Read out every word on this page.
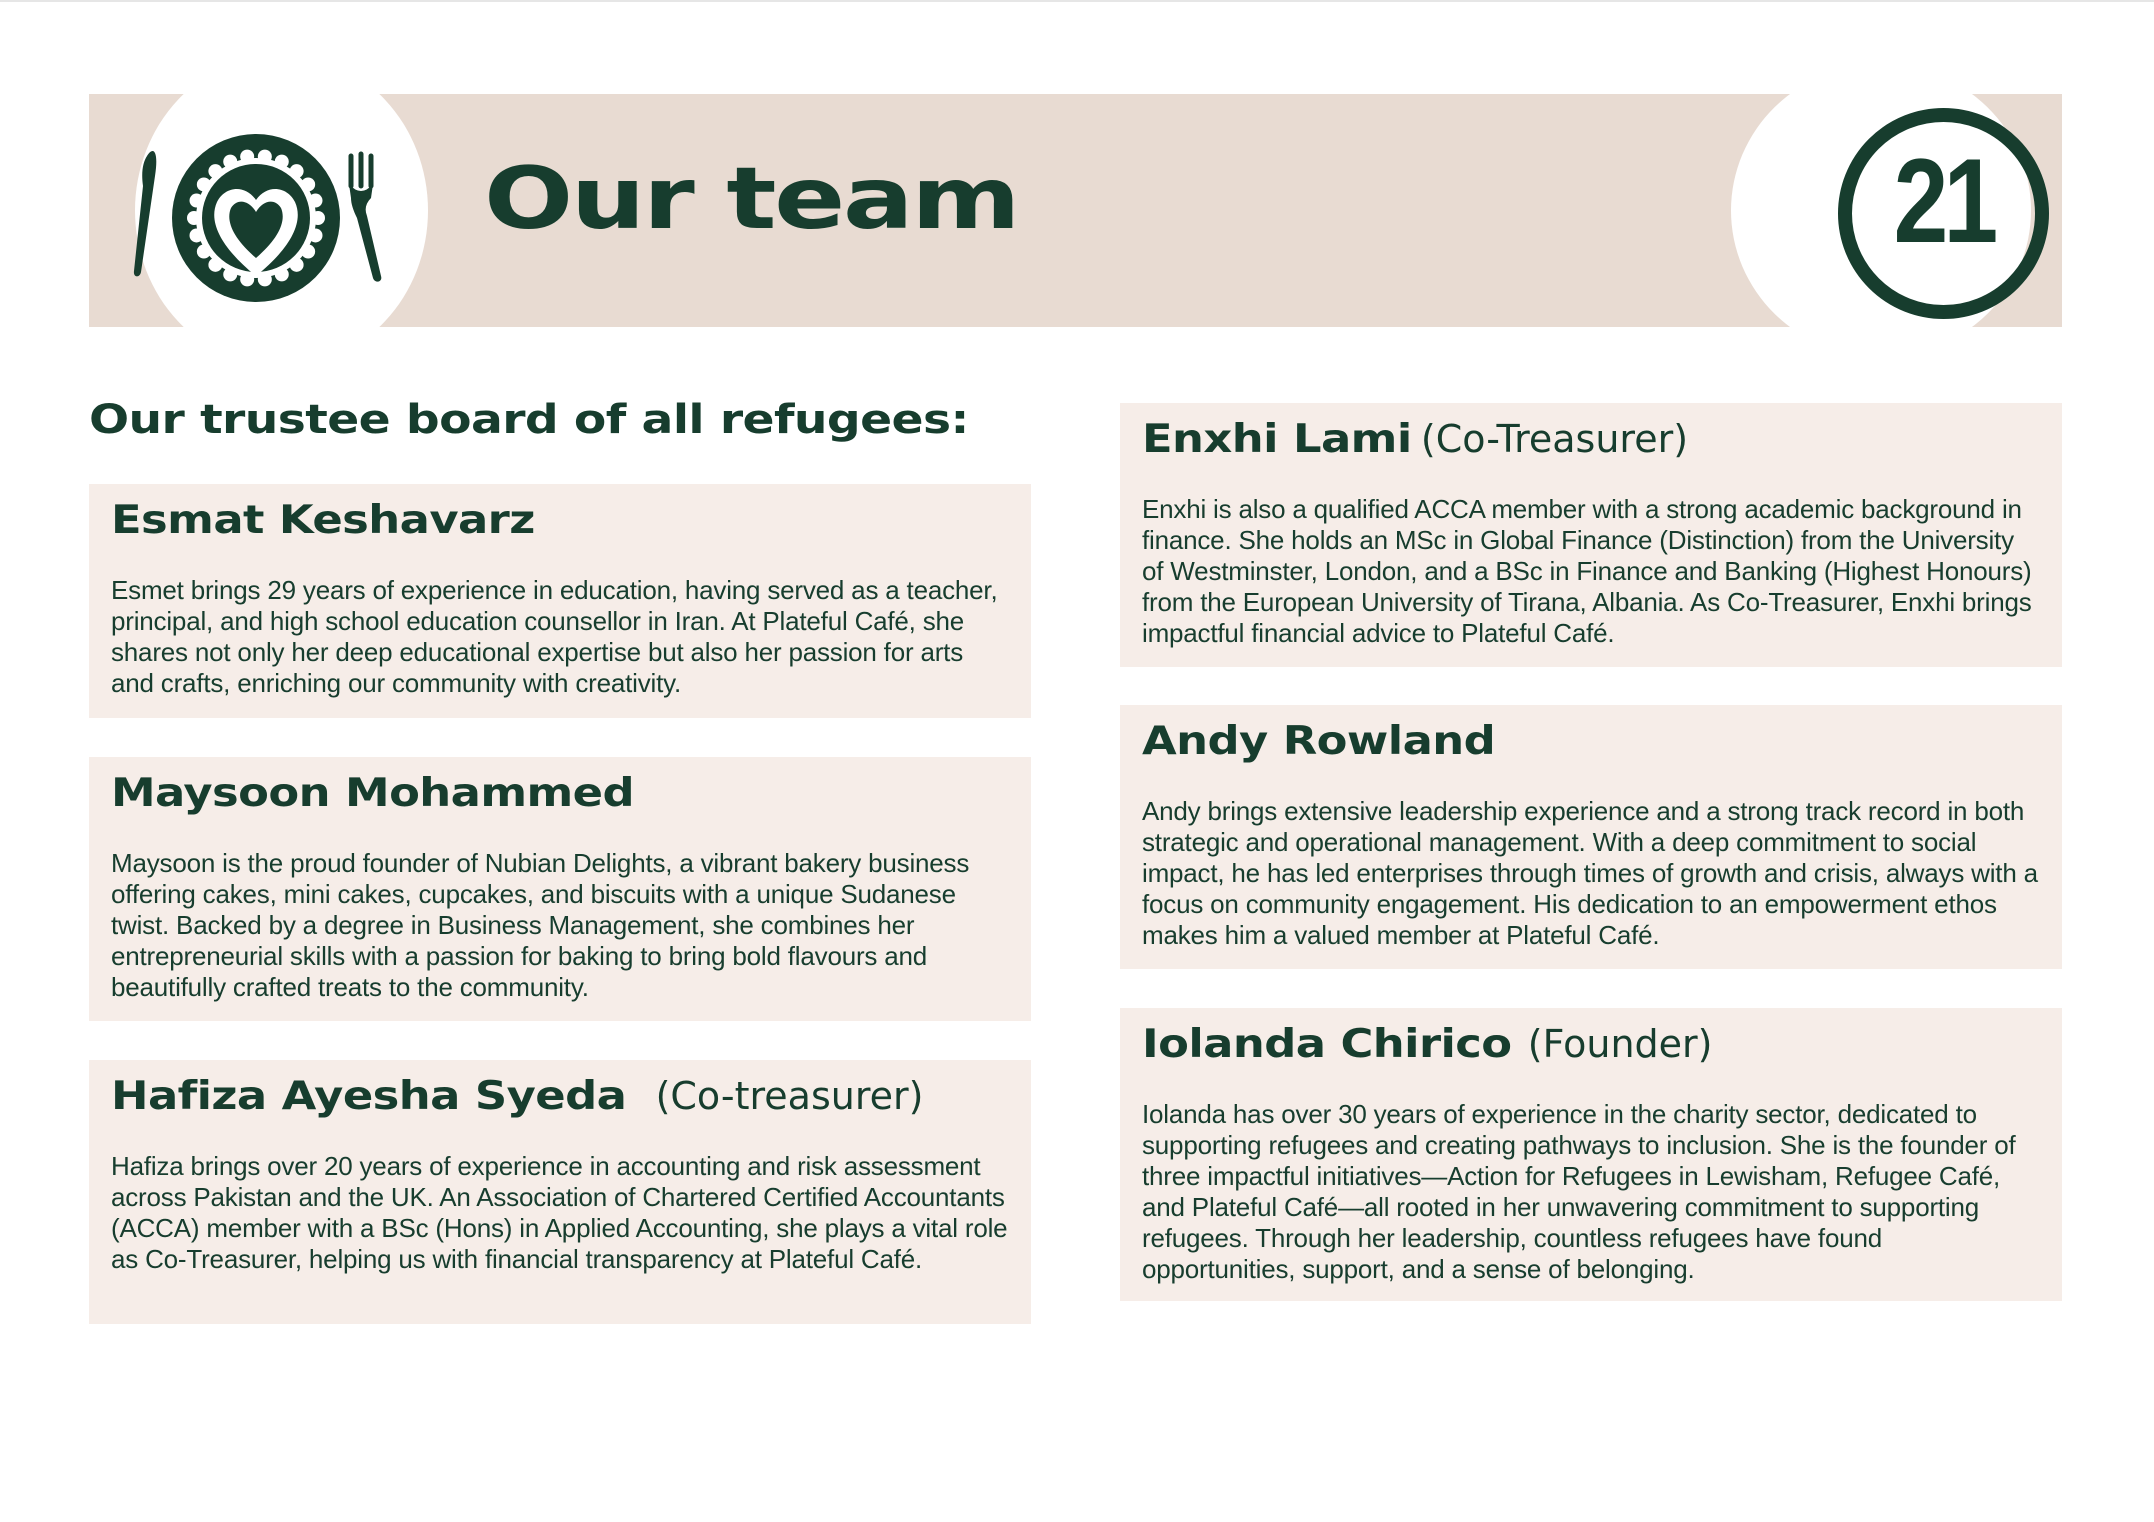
Our team	21
Our trustee board of all refugees:
Esmat Keshavarz

Esmet brings 29 years of experience in education, having served as a teacher, principal, and high school education counsellor in Iran. At Plateful Café, she shares not only her deep educational expertise but also her passion for arts and crafts, enriching our community with creativity.

Maysoon Mohammed

Maysoon is the proud founder of Nubian Delights, a vibrant bakery business offering cakes, mini cakes, cupcakes, and biscuits with a unique Sudanese twist. Backed by a degree in Business Management, she combines her entrepreneurial skills with a passion for baking to bring bold flavours and beautifully crafted treats to the community.

Hafiza Ayesha Syeda (Co-treasurer)

Hafiza brings over 20 years of experience in accounting and risk assessment across Pakistan and the UK. An Association of Chartered Certified Accountants (ACCA) member with a BSc (Hons) in Applied Accounting, she plays a vital role as Co-Treasurer, helping us with financial transparency at Plateful Café.

Enxhi Lami (Co-Treasurer)

Enxhi is also a qualified ACCA member with a strong academic background in finance. She holds an MSc in Global Finance (Distinction) from the University of Westminster, London, and a BSc in Finance and Banking (Highest Honours) from the European University of Tirana, Albania. As Co-Treasurer, Enxhi brings impactful financial advice to Plateful Café.

Andy Rowland

Andy brings extensive leadership experience and a strong track record in both strategic and operational management. With a deep commitment to social impact, he has led enterprises through times of growth and crisis, always with a focus on community engagement. His dedication to an empowerment ethos makes him a valued member at Plateful Café.

Iolanda Chirico (Founder)

Iolanda has over 30 years of experience in the charity sector, dedicated to supporting refugees and creating pathways to inclusion. She is the founder of three impactful initiatives—Action for Refugees in Lewisham, Refugee Café, and Plateful Café—all rooted in her unwavering commitment to supporting refugees. Through her leadership, countless refugees have found opportunities, support, and a sense of belonging.
